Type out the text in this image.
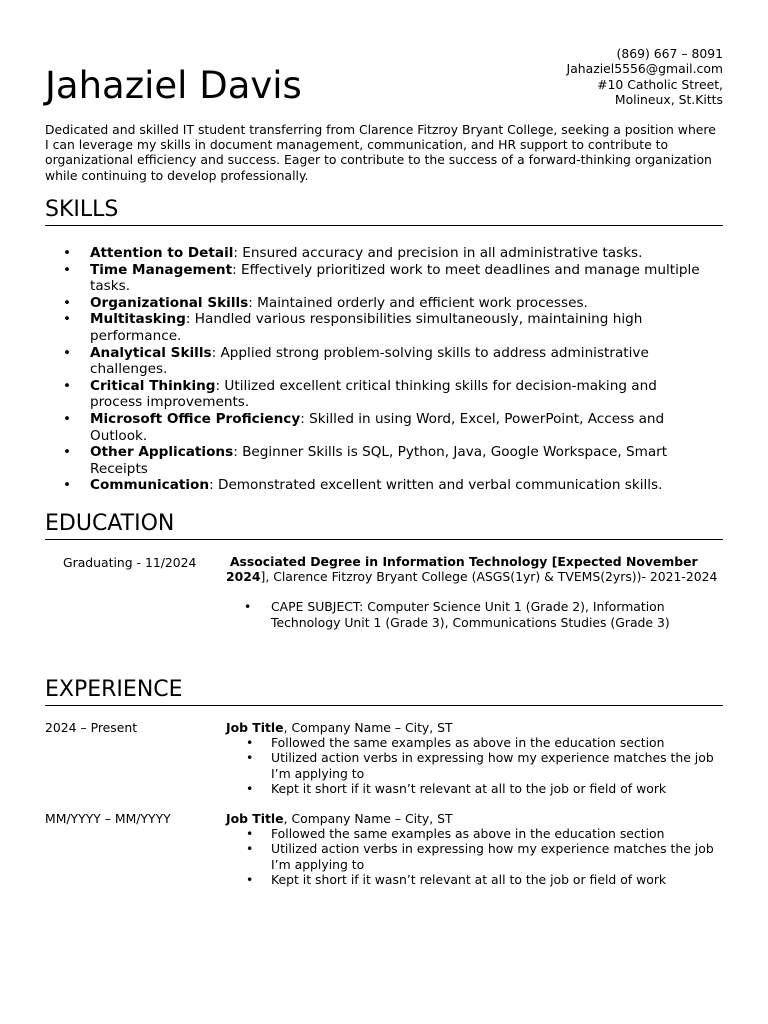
(869) 667 – 8091
Jahaziel5556@gmail.com
#10 Catholic Street,
Molineux, St.Kitts
Jahaziel Davis

Dedicated and skilled IT student transferring from Clarence Fitzroy Bryant College, seeking a position where I can leverage my skills in document management, communication, and HR support to contribute to organizational efficiency and success. Eager to contribute to the success of a forward-thinking organization while continuing to develop professionally.

SKILLS
• Attention to Detail: Ensured accuracy and precision in all administrative tasks.
• Time Management: Effectively prioritized work to meet deadlines and manage multiple tasks.
• Organizational Skills: Maintained orderly and efficient work processes.
• Multitasking: Handled various responsibilities simultaneously, maintaining high performance.
• Analytical Skills: Applied strong problem-solving skills to address administrative challenges.
• Critical Thinking: Utilized excellent critical thinking skills for decision-making and process improvements.
• Microsoft Office Proficiency: Skilled in using Word, Excel, PowerPoint, Access and Outlook.
• Other Applications: Beginner Skills is SQL, Python, Java, Google Workspace, Smart Receipts
• Communication: Demonstrated excellent written and verbal communication skills.
EDUCATION
Graduating - 11/2024	Associated Degree in Information Technology [Expected November 2024], Clarence Fitzroy Bryant College (ASGS(1yr) & TVEMS(2yrs))- 2021-2024

• CAPE SUBJECT: Computer Science Unit 1 (Grade 2), Information Technology Unit 1 (Grade 3), Communications Studies (Grade 3)
EXPERIENCE
2024 – Present	Job Title, Company Name – City, ST

• Followed the same examples as above in the education section
• Utilized action verbs in expressing how my experience matches the job I’m applying to
• Kept it short if it wasn’t relevant at all to the job or field of work
MM/YYYY – MM/YYYY	Job Title, Company Name – City, ST

• Followed the same examples as above in the education section
• Utilized action verbs in expressing how my experience matches the job I’m applying to
• Kept it short if it wasn’t relevant at all to the job or field of work
